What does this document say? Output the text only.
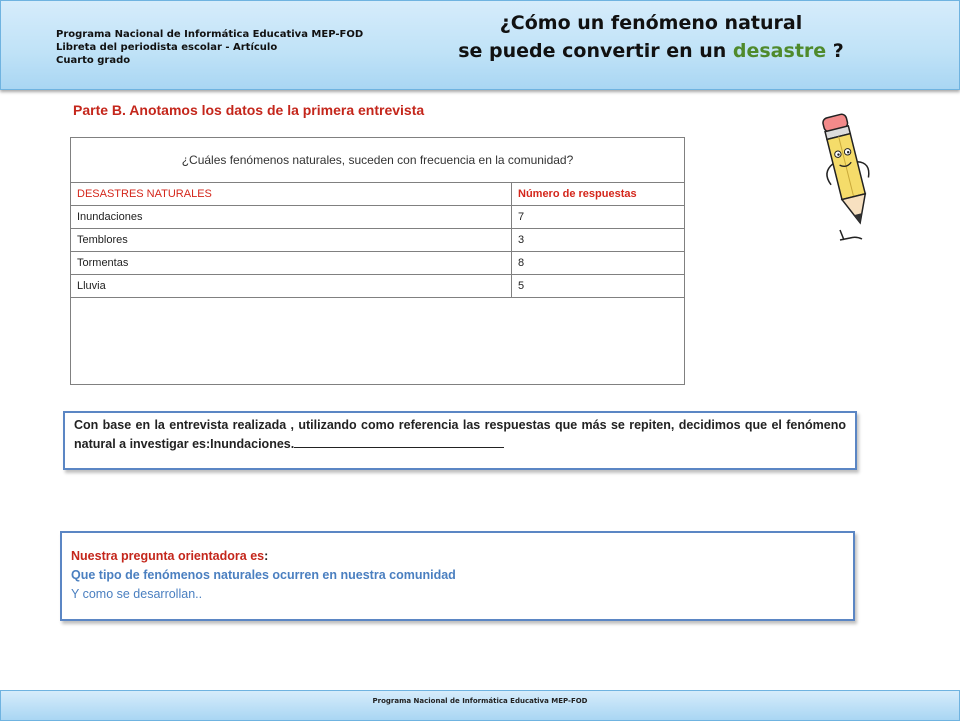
Programa Nacional de Informática Educativa MEP-FOD
Libreta del periodista escolar - Artículo
Cuarto grado
¿Cómo un fenómeno natural
se puede convertir en un desastre ?
Parte B. Anotamos los datos de la primera entrevista
¿Cuáles fenómenos naturales, suceden con frecuencia en la comunidad?	
DESASTRES NATURALES	Número de respuestas
Inundaciones	7
Temblores	3
Tormentas	8
Lluvia	5

Con base en la entrevista realizada , utilizando como referencia las respuestas que más se repiten, decidimos que el fenómeno natural a investigar es:Inundaciones.
Nuestra pregunta orientadora es:
Que tipo de fenómenos naturales ocurren en nuestra comunidad
Y como se desarrollan..
Programa Nacional de Informática Educativa MEP-FOD
